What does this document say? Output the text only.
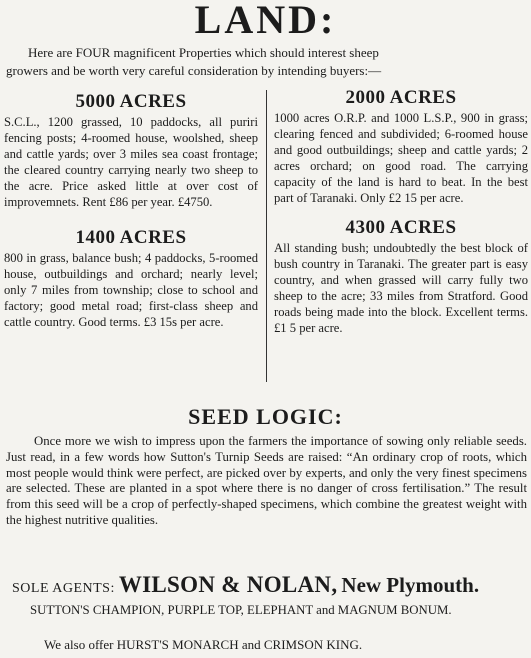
LAND:
Here are FOUR magnificent Properties which should interest sheep
growers and be worth very careful consideration by intending buyers:—
5000 ACRES
S.C.L., 1200 grassed, 10 paddocks, all puriri fencing posts; 4-roomed house, woolshed, sheep and cattle yards; over 3 miles sea coast frontage; the cleared country carrying nearly two sheep to the acre. Price asked little at over cost of improvemnets. Rent £86 per year. £4750.
2000 ACRES
1000 acres O.R.P. and 1000 L.S.P., 900 in grass; clearing fenced and subdivided; 6-roomed house and good outbuildings; sheep and cattle yards; 2 acres orchard; on good road. The carrying capacity of the land is hard to beat. In the best part of Taranaki. Only £2 15 per acre.
1400 ACRES
800 in grass, balance bush; 4 paddocks, 5-roomed house, outbuildings and orchard; nearly level; only 7 miles from township; close to school and factory; good metal road; first-class sheep and cattle country. Good terms. £3 15s per acre.
4300 ACRES
All standing bush; undoubtedly the best block of bush country in Taranaki. The greater part is easy country, and when grassed will carry fully two sheep to the acre; 33 miles from Stratford. Good roads being made into the block. Excellent terms. £1 5 per acre.
SEED LOGIC:

Once more we wish to impress upon the farmers the importance of sowing only reliable seeds. Just read, in a few words how Sutton's Turnip Seeds are raised: “An ordinary crop of roots, which most people would think were perfect, are picked over by experts, and only the very finest specimens are selected. These are planted in a spot where there is no danger of cross fertilisation.” The result from this seed will be a crop of perfectly-shaped specimens, which combine the greatest weight with the highest nutritive qualities.

SOLE AGENTS: WILSON & NOLAN, New Plymouth.
SUTTON'S CHAMPION, PURPLE TOP, ELEPHANT and MAGNUM BONUM.
We also offer HURST'S MONARCH and CRIMSON KING.
